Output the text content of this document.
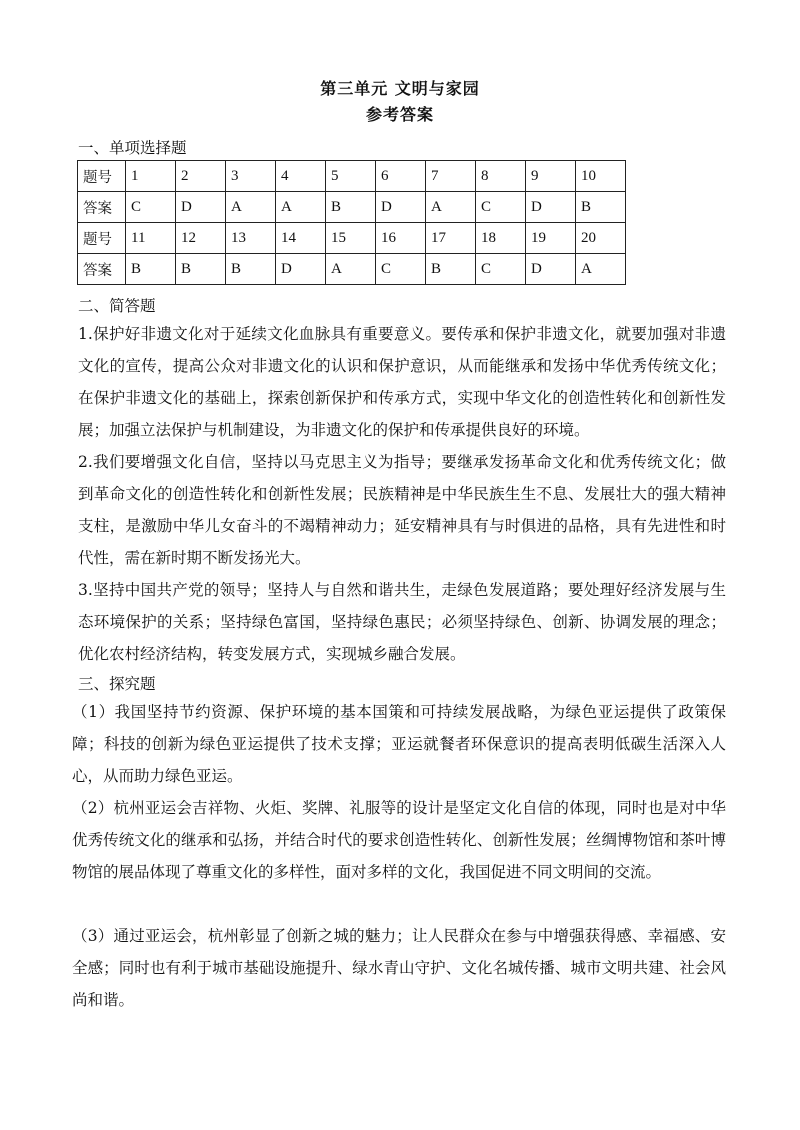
第三单元 文明与家园
参考答案
一、单项选择题
题号	1	2	3	4	5	6	7	8	9	10
答案	C	D	A	A	B	D	A	C	D	B
题号	11	12	13	14	15	16	17	18	19	20
答案	B	B	B	D	A	C	B	C	D	A
二、简答题

1.保护好非遗文化对于延续文化血脉具有重要意义。要传承和保护非遗文化，就要加强对非遗文化的宣传，提高公众对非遗文化的认识和保护意识，从而能继承和发扬中华优秀传统文化；在保护非遗文化的基础上，探索创新保护和传承方式，实现中华文化的创造性转化和创新性发展；加强立法保护与机制建设，为非遗文化的保护和传承提供良好的环境。

2.我们要增强文化自信，坚持以马克思主义为指导；要继承发扬革命文化和优秀传统文化；做到革命文化的创造性转化和创新性发展；民族精神是中华民族生生不息、发展壮大的强大精神支柱，是激励中华儿女奋斗的不竭精神动力；延安精神具有与时俱进的品格，具有先进性和时代性，需在新时期不断发扬光大。

3.坚持中国共产党的领导；坚持人与自然和谐共生，走绿色发展道路；要处理好经济发展与生态环境保护的关系；坚持绿色富国，坚持绿色惠民；必须坚持绿色、创新、协调发展的理念；优化农村经济结构，转变发展方式，实现城乡融合发展。

三、探究题

（1）我国坚持节约资源、保护环境的基本国策和可持续发展战略，为绿色亚运提供了政策保障；科技的创新为绿色亚运提供了技术支撑；亚运就餐者环保意识的提高表明低碳生活深入人心，从而助力绿色亚运。

（2）杭州亚运会吉祥物、火炬、奖牌、礼服等的设计是坚定文化自信的体现，同时也是对中华优秀传统文化的继承和弘扬，并结合时代的要求创造性转化、创新性发展；丝绸博物馆和茶叶博物馆的展品体现了尊重文化的多样性，面对多样的文化，我国促进不同文明间的交流。

（3）通过亚运会，杭州彰显了创新之城的魅力；让人民群众在参与中增强获得感、幸福感、安全感；同时也有利于城市基础设施提升、绿水青山守护、文化名城传播、城市文明共建、社会风尚和谐。
